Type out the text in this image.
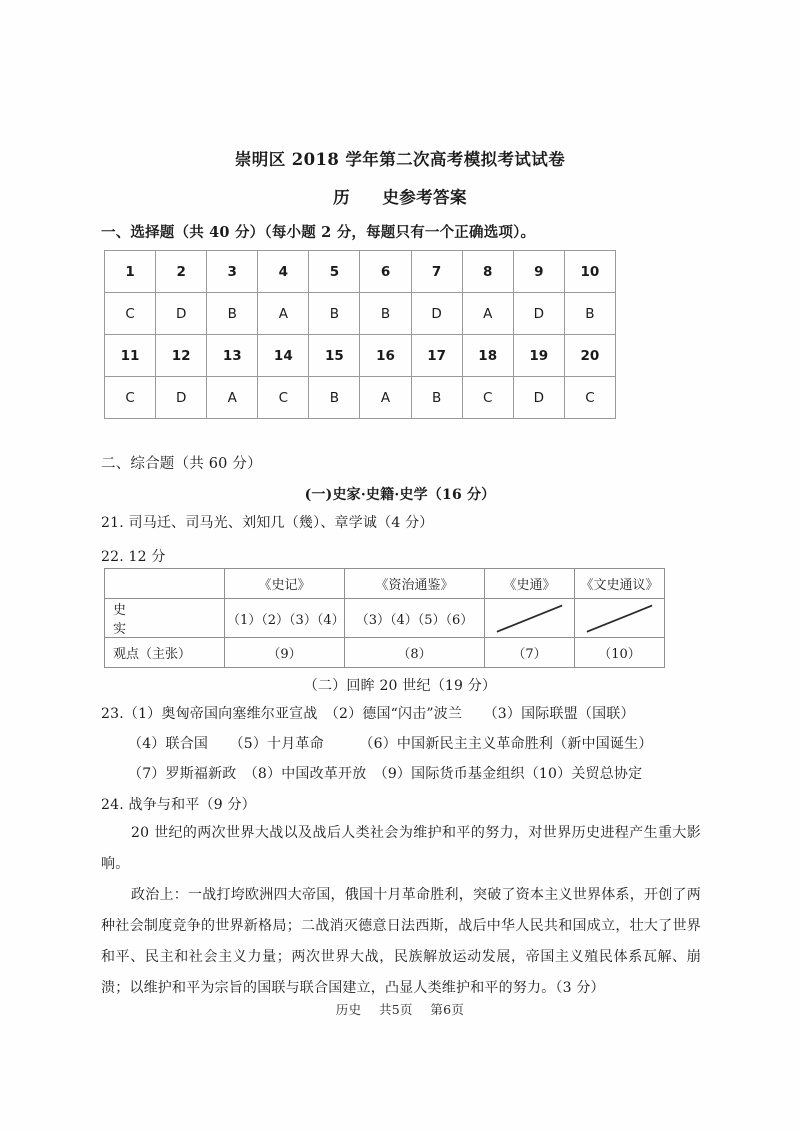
崇明区 2018 学年第二次高考模拟考试试卷
历 史参考答案
一、选择题（共 40 分）（每小题 2 分，每题只有一个正确选项）。
1	2	3	4	5	6	7	8	9	10
C	D	B	A	B	B	D	A	D	B
11	12	13	14	15	16	17	18	19	20
C	D	A	C	B	A	B	C	D	C
二、综合题（共 60 分）
(一)史家·史籍·史学（16 分）
21. 司马迁、司马光、刘知几（幾）、章学诚（4 分）
22. 12 分
	《史记》	《资治通鉴》	《史通》	《文史通议》
史　　实	（1）（2）（3）（4）	（3）（4）（5）（6）	

观点（主张）	（9）	（8）	（7）	（10）
（二）回眸 20 世纪（19 分）
23.（1）奥匈帝国向塞维尔亚宣战　（2）德国“闪击”波兰　　（3）国际联盟（国联）
（4）联合国　　（5）十月革命　　　（6）中国新民主主义革命胜利（新中国诞生）
（7）罗斯福新政　（8）中国改革开放　（9）国际货币基金组织（10）关贸总协定
24. 战争与和平（9 分）
20 世纪的两次世界大战以及战后人类社会为维护和平的努力，对世界历史进程产生重大影响。
政治上：一战打垮欧洲四大帝国，俄国十月革命胜利，突破了资本主义世界体系，开创了两种社会制度竞争的世界新格局；二战消灭德意日法西斯，战后中华人民共和国成立，壮大了世界和平、民主和社会主义力量；两次世界大战，民族解放运动发展，帝国主义殖民体系瓦解、崩溃；以维护和平为宗旨的国联与联合国建立，凸显人类维护和平的努力。（3 分）
历史 共5页 第6页
